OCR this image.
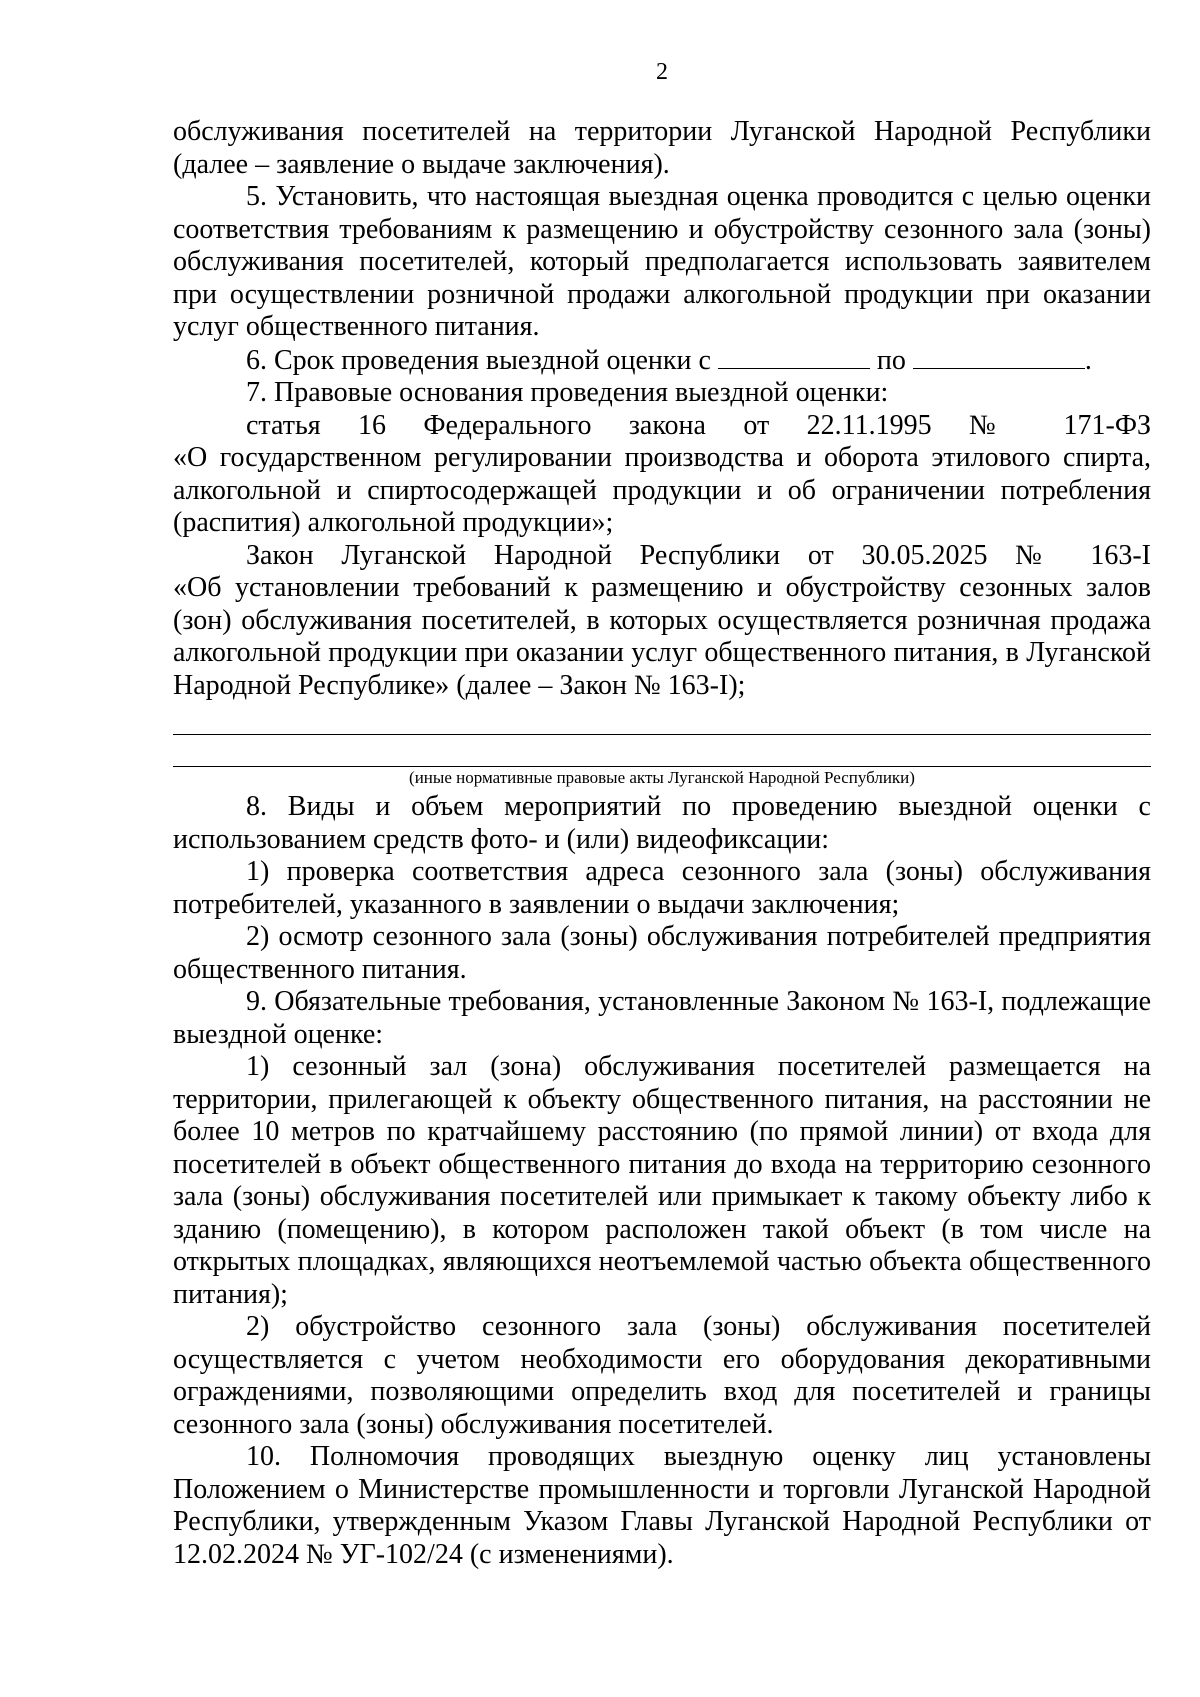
2

обслуживания посетителей на территории Луганской Народной Республики (далее – заявление о выдаче заключения).

5. Установить, что настоящая выездная оценка проводится с целью оценки соответствия требованиям к размещению и обустройству сезонного зала (зоны) обслуживания посетителей, который предполагается использовать заявителем при осуществлении розничной продажи алкогольной продукции при оказании услуг общественного питания.

6. Срок проведения выездной оценки с	по	.

7. Правовые основания проведения выездной оценки:

статья 16 Федерального закона от 22.11.1995 № 171-ФЗ

«О государственном регулировании производства и оборота этилового спирта, алкогольной и спиртосодержащей продукции и об ограничении потребления (распития) алкогольной продукции»;

Закон Луганской Народной Республики от 30.05.2025 № 163-I

«Об установлении требований к размещению и обустройству сезонных залов (зон) обслуживания посетителей, в которых осуществляется розничная продажа алкогольной продукции при оказании услуг общественного питания, в Луганской Народной Республике» (далее – Закон № 163-I);

(иные нормативные правовые акты Луганской Народной Республики)

8. Виды и объем мероприятий по проведению выездной оценки с использованием средств фото- и (или) видеофиксации:

1) проверка соответствия адреса сезонного зала (зоны) обслуживания потребителей, указанного в заявлении о выдачи заключения;

2) осмотр сезонного зала (зоны) обслуживания потребителей предприятия общественного питания.

9. Обязательные требования, установленные Законом № 163-I, подлежащие выездной оценке:

1) сезонный зал (зона) обслуживания посетителей размещается на территории, прилегающей к объекту общественного питания, на расстоянии не более 10 метров по кратчайшему расстоянию (по прямой линии) от входа для посетителей в объект общественного питания до входа на территорию сезонного зала (зоны) обслуживания посетителей или примыкает к такому объекту либо к зданию (помещению), в котором расположен такой объект (в том числе на открытых площадках, являющихся неотъемлемой частью объекта общественного питания);

2) обустройство сезонного зала (зоны) обслуживания посетителей осуществляется с учетом необходимости его оборудования декоративными ограждениями, позволяющими определить вход для посетителей и границы сезонного зала (зоны) обслуживания посетителей.

10. Полномочия проводящих выездную оценку лиц установлены Положением о Министерстве промышленности и торговли Луганской Народной Республики, утвержденным Указом Главы Луганской Народной Республики от 12.02.2024 № УГ-102/24 (с изменениями).
